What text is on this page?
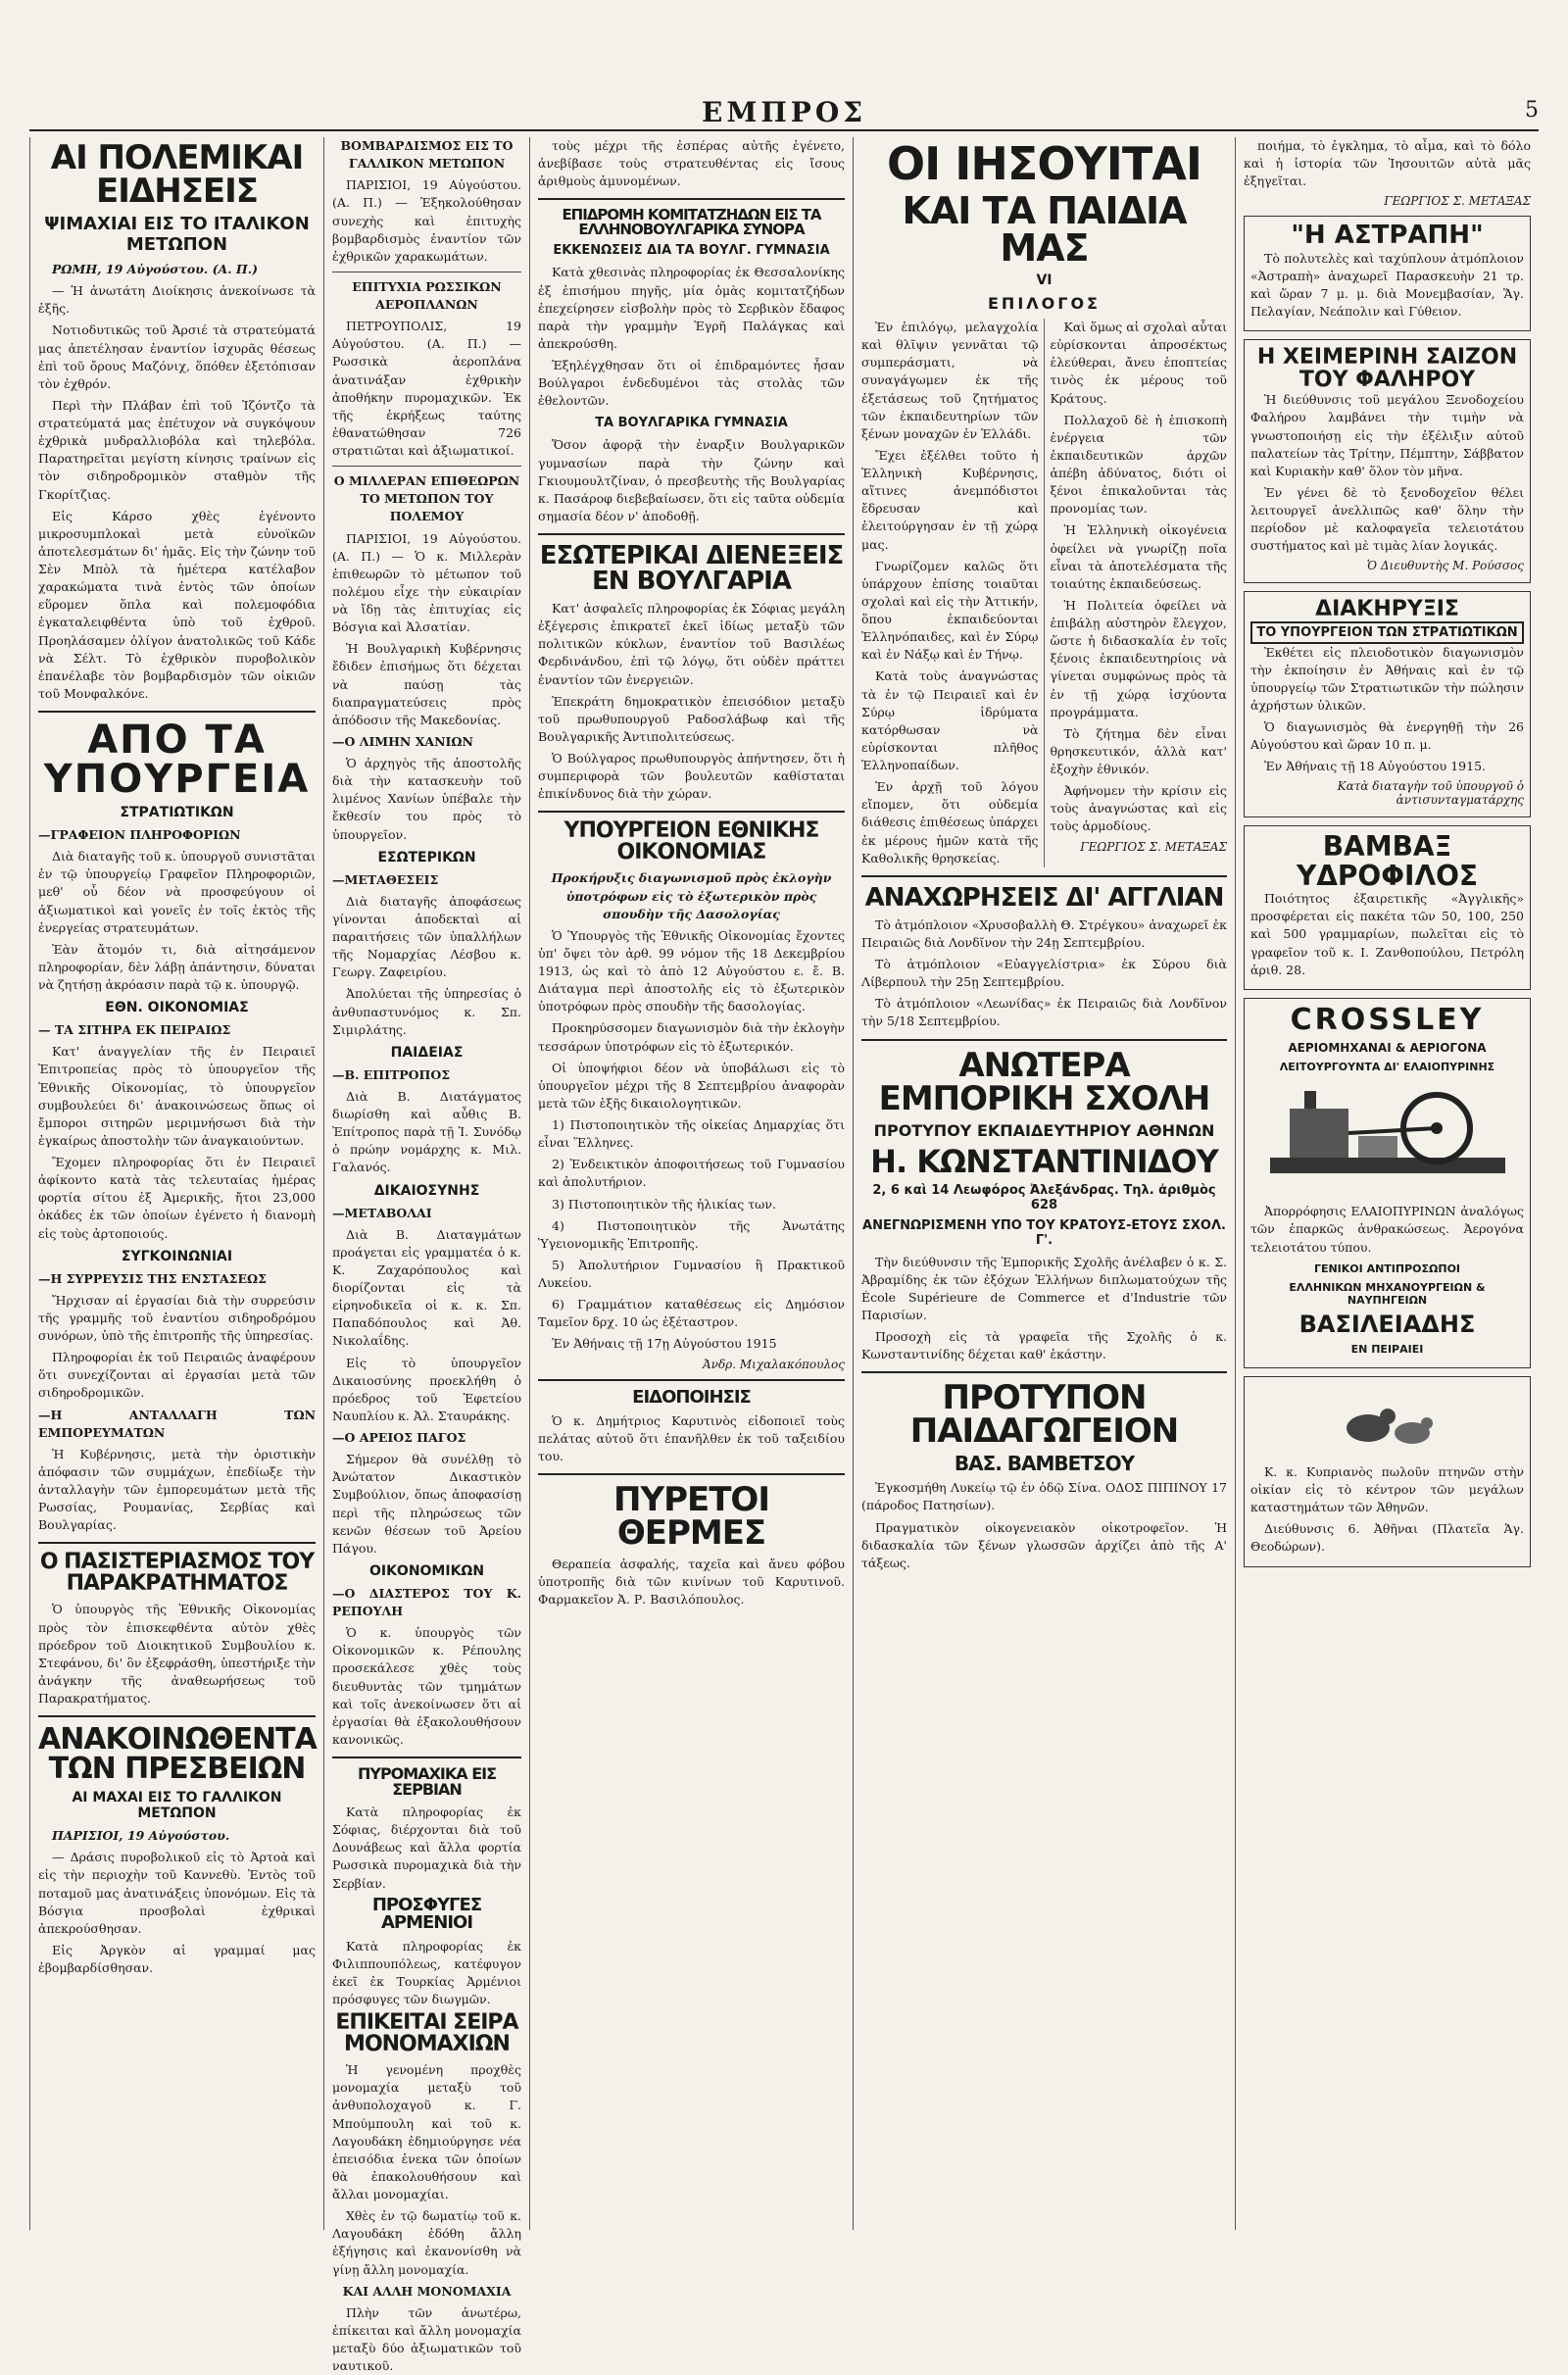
ΕΜΠΡΟΣ	5
ΑΙ ΠΟΛΕΜΙΚΑΙ ΕΙΔΗΣΕΙΣ
ΨΙΜΑΧΙΑΙ ΕΙΣ ΤΟ ΙΤΑΛΙΚΟΝ ΜΕΤΩΠΟΝ

ΡΩΜΗ, 19 Αὐγούστου. (Α. Π.)

— Ἡ ἀνωτάτη Διοίκησις ἀνεκοίνωσε τὰ ἑξῆς.

Νοτιοδυτικῶς τοῦ Ἀρσιέ τὰ στρατεύματά μας ἀπετέλησαν ἐναντίον ἰσχυρᾶς θέσεως ἐπὶ τοῦ ὄρους Μαζόνιχ, ὅπόθεν ἐξετόπισαν τὸν ἐχθρόν.

Περὶ τὴν Πλάβαν ἐπὶ τοῦ Ἰζόντζο τὰ στρατεύματά μας ἐπέτυχον νὰ συγκόψουν ἐχθρικὰ μυδραλλιοβόλα καὶ τηλεβόλα. Παρατηρεῖται μεγίστη κίνησις τραίνων εἰς τὸν σιδηροδρομικὸν σταθμὸν τῆς Γκορίτζιας.

Εἰς Κάρσο χθὲς ἐγένοντο μικροσυμπλοκαὶ μετὰ εὐνοϊκῶν ἀποτελεσμάτων δι' ἡμᾶς. Εἰς τὴν ζώνην τοῦ Σὲν Μπὸλ τὰ ἡμέτερα κατέλαβον χαρακώματα τινὰ ἐντὸς τῶν ὁποίων εὕρομεν ὅπλα καὶ πολεμοφόδια ἐγκαταλειφθέντα ὑπὸ τοῦ ἐχθροῦ. Προηλάσαμεν ὀλίγον ἀνατολικῶς τοῦ Κάδε νὰ Σέλτ. Τὸ ἐχθρικὸν πυροβολικὸν ἐπανέλαβε τὸν βομβαρδισμὸν τῶν οἰκιῶν τοῦ Μονφαλκόνε.

ΑΠΟ ΤΑ ΥΠΟΥΡΓΕΙΑ
ΣΤΡΑΤΙΩΤΙΚΩΝ

—ΓΡΑΦΕΙΟΝ ΠΛΗΡΟΦΟΡΙΩΝ

Διὰ διαταγῆς τοῦ κ. ὑπουργοῦ συνιστᾶται ἐν τῷ ὑπουργείῳ Γραφεῖον Πληροφοριῶν, μεθ' οὗ δέον νὰ προσφεύγουν οἱ ἀξιωματικοὶ καὶ γονεῖς ἐν τοῖς ἐκτὸς τῆς ἐνεργείας στρατευμάτων.

Ἐὰν ἄτομόν τι, διὰ αἰτησάμενον πληροφορίαν, δὲν λάβῃ ἀπάντησιν, δύναται νὰ ζητήσῃ ἀκρόασιν παρὰ τῷ κ. ὑπουργῷ.

ΕΘΝ. ΟΙΚΟΝΟΜΙΑΣ

— ΤΑ ΣΙΤΗΡΑ ΕΚ ΠΕΙΡΑΙΩΣ

Κατ' ἀναγγελίαν τῆς ἐν Πειραιεῖ Ἐπιτροπείας πρὸς τὸ ὑπουργεῖον τῆς Ἐθνικῆς Οἰκονομίας, τὸ ὑπουργεῖον συμβουλεύει δι' ἀνακοινώσεως ὅπως οἱ ἔμποροι σιτηρῶν μεριμνήσωσι διὰ τὴν ἐγκαίρως ἀποστολὴν τῶν ἀναγκαιούντων.

Ἔχομεν πληροφορίας ὅτι ἐν Πειραιεῖ ἀφίκοντο κατὰ τὰς τελευταίας ἡμέρας φορτία σίτου ἐξ Ἀμερικῆς, ἤτοι 23,000 ὀκάδες ἐκ τῶν ὁποίων ἐγένετο ἡ διανομὴ εἰς τοὺς ἀρτοποιούς.

ΣΥΓΚΟΙΝΩΝΙΑΙ

—Η ΣΥΡΡΕΥΣΙΣ ΤΗΣ ΕΝΣΤΑΣΕΩΣ

Ἤρχισαν αἱ ἐργασίαι διὰ τὴν συρρεύσιν τῆς γραμμῆς τοῦ ἐναντίου σιδηροδρόμου συνόρων, ὑπὸ τῆς ἐπιτροπῆς τῆς ὑπηρεσίας.

Πληροφορίαι ἐκ τοῦ Πειραιῶς ἀναφέρουν ὅτι συνεχίζονται αἱ ἐργασίαι μετὰ τῶν σιδηροδρομικῶν.

—Η ΑΝΤΑΛΛΑΓΗ ΤΩΝ ΕΜΠΟΡΕΥΜΑΤΩΝ

Ἡ Κυβέρνησις, μετὰ τὴν ὁριστικὴν ἀπόφασιν τῶν συμμάχων, ἐπεδίωξε τὴν ἀνταλλαγὴν τῶν ἐμπορευμάτων μετὰ τῆς Ρωσσίας, Ρουμανίας, Σερβίας καὶ Βουλγαρίας.

Ο ΠΑΣΙΣΤΕΡΙΑΣΜΟΣ ΤΟΥ ΠΑΡΑΚΡΑΤΗΜΑΤΟΣ

Ὁ ὑπουργὸς τῆς Ἐθνικῆς Οἰκονομίας πρὸς τὸν ἐπισκεφθέντα αὐτὸν χθὲς πρόεδρον τοῦ Διοικητικοῦ Συμβουλίου κ. Στεφάνου, δι' ὃν ἐξεφράσθη, ὑπεστήριξε τὴν ἀνάγκην τῆς ἀναθεωρήσεως τοῦ Παρακρατήματος.

ΑΝΑΚΟΙΝΩΘΕΝΤΑ ΤΩΝ ΠΡΕΣΒΕΙΩΝ
ΑΙ ΜΑΧΑΙ ΕΙΣ ΤΟ ΓΑΛΛΙΚΟΝ ΜΕΤΩΠΟΝ

ΠΑΡΙΣΙΟΙ, 19 Αὐγούστου.

— Δράσις πυροβολικοῦ εἰς τὸ Ἀρτοὰ καὶ εἰς τὴν περιοχὴν τοῦ Καννεθὺ. Ἐντὸς τοῦ ποταμοῦ μας ἀνατινάξεις ὑπονόμων. Εἰς τὰ Βόσγια προσβολαὶ ἐχθρικαὶ ἀπεκρούσθησαν.

Εἰς Ἀργκὸν αἱ γραμμαί μας ἐβομβαρδίσθησαν.

ΒΟΜΒΑΡΔΙΣΜΟΣ ΕΙΣ ΤΟ ΓΑΛΛΙΚΟΝ ΜΕΤΩΠΟΝ

ΠΑΡΙΣΙΟΙ, 19 Αὐγούστου. (Α. Π.) — Ἐξηκολούθησαν συνεχὴς καὶ ἐπιτυχὴς βομβαρδισμὸς ἐναντίον τῶν ἐχθρικῶν χαρακωμάτων.

ΕΠΙΤΥΧΙΑ ΡΩΣΣΙΚΩΝ ΑΕΡΟΠΛΑΝΩΝ

ΠΕΤΡΟΥΠΟΛΙΣ, 19 Αὐγούστου. (Α. Π.) — Ρωσσικὰ ἀεροπλάνα ἀνατινάξαν ἐχθρικὴν ἀποθήκην πυρομαχικῶν. Ἐκ τῆς ἐκρήξεως ταύτης ἐθανατώθησαν 726 στρατιῶται καὶ ἀξιωματικοί.

Ο ΜΙΛΛΕΡΑΝ ΕΠΙΘΕΩΡΩΝ ΤΟ ΜΕΤΩΠΟΝ ΤΟΥ ΠΟΛΕΜΟΥ

ΠΑΡΙΣΙΟΙ, 19 Αὐγούστου. (Α. Π.) — Ὁ κ. Μιλλερὰν ἐπιθεωρῶν τὸ μέτωπον τοῦ πολέμου εἶχε τὴν εὐκαιρίαν νὰ ἴδῃ τὰς ἐπιτυχίας εἰς Βόσγια καὶ Ἀλσατίαν.

Ἡ Βουλγαρικὴ Κυβέρνησις ἔδιδεν ἐπισήμως ὅτι δέχεται νὰ παύσῃ τὰς διαπραγματεύσεις πρὸς ἀπόδοσιν τῆς Μακεδονίας.

—Ο ΛΙΜΗΝ ΧΑΝΙΩΝ

Ὁ ἀρχηγὸς τῆς ἀποστολῆς διὰ τὴν κατασκευὴν τοῦ λιμένος Χανίων ὑπέβαλε τὴν ἔκθεσίν του πρὸς τὸ ὑπουργεῖον.

ΕΣΩΤΕΡΙΚΩΝ

—ΜΕΤΑΘΕΣΕΙΣ

Διὰ διαταγῆς ἀποφάσεως γίνονται ἀποδεκταὶ αἱ παραιτήσεις τῶν ὑπαλλήλων τῆς Νομαρχίας Λέσβου κ. Γεωργ. Ζαφειρίου.

Ἀπολύεται τῆς ὑπηρεσίας ὁ ἀνθυπαστυνόμος κ. Σπ. Σιμιρλάτης.

ΠΑΙΔΕΙΑΣ

—Β. ΕΠΙΤΡΟΠΟΣ

Διὰ Β. Διατάγματος διωρίσθη καὶ αὖθις Β. Ἐπίτροπος παρὰ τῇ Ἱ. Συνόδῳ ὁ πρώην νομάρχης κ. Μιλ. Γαλανός.

ΔΙΚΑΙΟΣΥΝΗΣ

—ΜΕΤΑΒΟΛΑΙ

Διὰ Β. Διαταγμάτων προάγεται εἰς γραμματέα ὁ κ. Κ. Ζαχαρόπουλος καὶ διορίζονται εἰς τὰ εἰρηνοδικεῖα οἱ κ. κ. Σπ. Παπαδόπουλος καὶ Ἀθ. Νικολαΐδης.

Εἰς τὸ ὑπουργεῖον Δικαιοσύνης προεκλήθη ὁ πρόεδρος τοῦ Ἐφετείου Ναυπλίου κ. Ἀλ. Σταυράκης.

—Ο ΑΡΕΙΟΣ ΠΑΓΟΣ

Σήμερον θὰ συνέλθῃ τὸ Ἀνώτατον Δικαστικὸν Συμβούλιον, ὅπως ἀποφασίσῃ περὶ τῆς πληρώσεως τῶν κενῶν θέσεων τοῦ Ἀρείου Πάγου.

ΟΙΚΟΝΟΜΙΚΩΝ

—Ο ΔΙΑΣΤΕΡΟΣ ΤΟΥ Κ. ΡΕΠΟΥΛΗ

Ὁ κ. ὑπουργὸς τῶν Οἰκονομικῶν κ. Ρέπουλης προσεκάλεσε χθὲς τοὺς διευθυντὰς τῶν τμημάτων καὶ τοῖς ἀνεκοίνωσεν ὅτι αἱ ἐργασίαι θὰ ἐξακολουθήσουν κανονικῶς.

ΠΥΡΟΜΑΧΙΚΑ ΕΙΣ ΣΕΡΒΙΑΝ

Κατὰ πληροφορίας ἐκ Σόφιας, διέρχονται διὰ τοῦ Δουνάβεως καὶ ἄλλα φορτία Ρωσσικὰ πυρομαχικὰ διὰ τὴν Σερβίαν.

ΠΡΟΣΦΥΓΕΣ ΑΡΜΕΝΙΟΙ

Κατὰ πληροφορίας ἐκ Φιλιππουπόλεως, κατέφυγον ἐκεῖ ἐκ Τουρκίας Ἀρμένιοι πρόσφυγες τῶν διωγμῶν.

ΕΠΙΚΕΙΤΑΙ ΣΕΙΡΑ ΜΟΝΟΜΑΧΙΩΝ

Ἡ γενομένη προχθὲς μονομαχία μεταξὺ τοῦ ἀνθυπολοχαγοῦ κ. Γ. Μπούμπουλη καὶ τοῦ κ. Λαγουδάκη ἐδημιούργησε νέα ἐπεισόδια ἐνεκα τῶν ὁποίων θὰ ἐπακολουθήσουν καὶ ἄλλαι μονομαχίαι.

Χθὲς ἐν τῷ δωματίῳ τοῦ κ. Λαγουδάκη ἐδόθη ἄλλη ἐξήγησις καὶ ἐκανονίσθη νὰ γίνῃ ἄλλη μονομαχία.

ΚΑΙ ΑΛΛΗ ΜΟΝΟΜΑΧΙΑ

Πλὴν τῶν ἀνωτέρω, ἐπίκειται καὶ ἄλλη μονομαχία μεταξὺ δύο ἀξιωματικῶν τοῦ ναυτικοῦ.

τοὺς μέχρι τῆς ἐσπέρας αὐτῆς ἐγένετο, ἀνεβίβασε τοὺς στρατευθέντας εἰς ἴσους ἀριθμοὺς ἀμυνομένων.

ΕΠΙΔΡΟΜΗ ΚΟΜΙΤΑΤΖΗΔΩΝ ΕΙΣ ΤΑ ΕΛΛΗΝΟΒΟΥΛΓΑΡΙΚΑ ΣΥΝΟΡΑ
ΕΚΚΕΝΩΣΕΙΣ ΔΙΑ ΤΑ ΒΟΥΛΓ. ΓΥΜΝΑΣΙΑ

Κατὰ χθεσινὰς πληροφορίας ἐκ Θεσσαλονίκης ἐξ ἐπισήμου πηγῆς, μία ὁμὰς κομιτατζήδων ἐπεχείρησεν εἰσβολὴν πρὸς τὸ Σερβικὸν ἔδαφος παρὰ τὴν γραμμὴν Ἐγρῆ Παλάγκας καὶ ἀπεκρούσθη.

Ἐξηλέγχθησαν ὅτι οἱ ἐπιδραμόντες ἦσαν Βούλγαροι ἐνδεδυμένοι τὰς στολὰς τῶν ἐθελοντῶν.

ΤΑ ΒΟΥΛΓΑΡΙΚΑ ΓΥΜΝΑΣΙΑ

Ὅσον ἀφορᾷ τὴν ἐναρξιν Βουλγαρικῶν γυμνασίων παρὰ τὴν ζώνην καὶ Γκιουμουλτζίναν, ὁ πρεσβευτὴς τῆς Βουλγαρίας κ. Πασάροφ διεβεβαίωσεν, ὅτι εἰς ταῦτα οὐδεμία σημασία δέον ν' ἀποδοθῇ.

ΕΣΩΤΕΡΙΚΑΙ ΔΙΕΝΕΞΕΙΣ ΕΝ ΒΟΥΛΓΑΡΙΑ

Κατ' ἀσφαλεῖς πληροφορίας ἐκ Σόφιας μεγάλη ἐξέγερσις ἐπικρατεῖ ἐκεῖ ἰδίως μεταξὺ τῶν πολιτικῶν κύκλων, ἐναντίον τοῦ Βασιλέως Φερδινάνδου, ἐπὶ τῷ λόγῳ, ὅτι οὐδὲν πράττει ἐναντίον τῶν ἐνεργειῶν.

Ἐπεκράτη δημοκρατικὸν ἐπεισόδιον μεταξὺ τοῦ πρωθυπουργοῦ Ραδοσλάβωφ καὶ τῆς Βουλγαρικῆς Ἀντιπολιτεύσεως.

Ὁ Βούλγαρος πρωθυπουργὸς ἀπήντησεν, ὅτι ἡ συμπεριφορὰ τῶν βουλευτῶν καθίσταται ἐπικίνδυνος διὰ τὴν χώραν.

ΥΠΟΥΡΓΕΙΟΝ ΕΘΝΙΚΗΣ ΟΙΚΟΝΟΜΙΑΣ

Προκήρυξις διαγωνισμοῦ πρὸς ἐκλογὴν ὑποτρόφων εἰς τὸ ἐξωτερικὸν πρὸς σπουδὴν τῆς Δασολογίας

Ὁ Ὑπουργὸς τῆς Ἐθνικῆς Οἰκονομίας ἔχοντες ὑπ' ὄψει τὸν ἀρθ. 99 νόμον τῆς 18 Δεκεμβρίου 1913, ὡς καὶ τὸ ἀπὸ 12 Αὐγούστου ε. ἔ. Β. Διάταγμα περὶ ἀποστολῆς εἰς τὸ ἐξωτερικὸν ὑποτρόφων πρὸς σπουδὴν τῆς δασολογίας.

Προκηρύσσομεν διαγωνισμὸν διὰ τὴν ἐκλογὴν τεσσάρων ὑποτρόφων εἰς τὸ ἐξωτερικόν.

Οἱ ὑποψήφιοι δέον νὰ ὑποβάλωσι εἰς τὸ ὑπουργεῖον μέχρι τῆς 8 Σεπτεμβρίου ἀναφορὰν μετὰ τῶν ἑξῆς δικαιολογητικῶν.

1) Πιστοποιητικὸν τῆς οἰκείας Δημαρχίας ὅτι εἶναι Ἕλληνες.

2) Ἐνδεικτικὸν ἀποφοιτήσεως τοῦ Γυμνασίου καὶ ἀπολυτήριον.

3) Πιστοποιητικὸν τῆς ἡλικίας των.

4) Πιστοποιητικὸν τῆς Ἀνωτάτης Ὑγειονομικῆς Ἐπιτροπῆς.

5) Ἀπολυτήριον Γυμνασίου ἢ Πρακτικοῦ Λυκείου.

6) Γραμμάτιον καταθέσεως εἰς Δημόσιον Ταμεῖον δρχ. 10 ὡς ἐξέταστρον.

Ἐν Ἀθήναις τῇ 17ῃ Αὐγούστου 1915

Ἀνδρ. Μιχαλακόπουλος
ΕΙΔΟΠΟΙΗΣΙΣ

Ὁ κ. Δημήτριος Καρυτινὸς εἰδοποιεῖ τοὺς πελάτας αὐτοῦ ὅτι ἐπανῆλθεν ἐκ τοῦ ταξειδίου του.

ΠΥΡΕΤΟΙ ΘΕΡΜΕΣ

Θεραπεία ἀσφαλής, ταχεῖα καὶ ἄνευ φόβου ὑποτροπῆς διὰ τῶν κινίνων τοῦ Καρυτινοῦ. Φαρμακεῖον Ἀ. Ρ. Βασιλόπουλος.

ΟΙ ΙΗΣΟΥΙΤΑΙ
ΚΑΙ ΤΑ ΠΑΙΔΙΑ ΜΑΣ
VI
ΕΠΙΛΟΓΟΣ

Ἐν ἐπιλόγῳ, μελαγχολία καὶ θλῖψιν γεννᾶται τῷ συμπεράσματι, νὰ συναγάγωμεν ἐκ τῆς ἐξετάσεως τοῦ ζητήματος τῶν ἐκπαιδευτηρίων τῶν ξένων μοναχῶν ἐν Ἑλλάδι.

Ἔχει ἐξέλθει τοῦτο ἡ Ἑλληνικὴ Κυβέρνησις, αἵτινες ἀνεμπόδιστοι ἔδρευσαν καὶ ἐλειτούργησαν ἐν τῇ χώρᾳ μας.

Γνωρίζομεν καλῶς ὅτι ὑπάρχουν ἐπίσης τοιαῦται σχολαὶ καὶ εἰς τὴν Ἀττικήν, ὅπου ἐκπαιδεύονται Ἑλληνόπαιδες, καὶ ἐν Σύρῳ καὶ ἐν Νάξῳ καὶ ἐν Τήνῳ.

Κατὰ τοὺς ἀναγνώστας τὰ ἐν τῷ Πειραιεῖ καὶ ἐν Σύρῳ ἱδρύματα κατόρθωσαν νὰ εὑρίσκονται πλῆθος Ἑλληνοπαίδων.

Ἐν ἀρχῇ τοῦ λόγου εἴπομεν, ὅτι οὐδεμία διάθεσις ἐπιθέσεως ὑπάρχει ἐκ μέρους ἡμῶν κατὰ τῆς Καθολικῆς θρησκείας.

Καὶ ὅμως αἱ σχολαὶ αὗται εὑρίσκονται ἀπροσέκτως ἐλεύθεραι, ἄνευ ἐποπτείας τινὸς ἐκ μέρους τοῦ Κράτους.

Πολλαχοῦ δὲ ἡ ἐπισκοπὴ ἐνέργεια τῶν ἐκπαιδευτικῶν ἀρχῶν ἀπέβη ἀδύνατος, διότι οἱ ξένοι ἐπικαλοῦνται τὰς προνομίας των.

Ἡ Ἑλληνικὴ οἰκογένεια ὀφείλει νὰ γνωρίζῃ ποῖα εἶναι τὰ ἀποτελέσματα τῆς τοιαύτης ἐκπαιδεύσεως.

Ἡ Πολιτεία ὀφείλει νὰ ἐπιβάλῃ αὐστηρὸν ἔλεγχον, ὥστε ἡ διδασκαλία ἐν τοῖς ξένοις ἐκπαιδευτηρίοις νὰ γίνεται συμφώνως πρὸς τὰ ἐν τῇ χώρᾳ ἰσχύοντα προγράμματα.

Τὸ ζήτημα δὲν εἶναι θρησκευτικόν, ἀλλὰ κατ' ἐξοχὴν ἐθνικόν.

Ἀφήνομεν τὴν κρίσιν εἰς τοὺς ἀναγνώστας καὶ εἰς τοὺς ἁρμοδίους.

ΓΕΩΡΓΙΟΣ Σ. ΜΕΤΑΞΑΣ
ΑΝΑΧΩΡΗΣΕΙΣ ΔΙ' ΑΓΓΛΙΑΝ

Τὸ ἀτμόπλοιον «Χρυσοβαλλὴ Θ. Στρέγκου» ἀναχωρεῖ ἐκ Πειραιῶς διὰ Λονδῖνον τὴν 24ῃ Σεπτεμβρίου.

Τὸ ἀτμόπλοιον «Εὐαγγελίστρια» ἐκ Σύρου διὰ Λίβερπουλ τὴν 25ῃ Σεπτεμβρίου.

Τὸ ἀτμόπλοιον «Λεωνίδας» ἐκ Πειραιῶς διὰ Λονδῖνον τὴν 5/18 Σεπτεμβρίου.

ΑΝΩΤΕΡΑ ΕΜΠΟΡΙΚΗ ΣΧΟΛΗ
ΠΡΟΤΥΠΟΥ ΕΚΠΑΙΔΕΥΤΗΡΙΟΥ ΑΘΗΝΩΝ
Η. ΚΩΝΣΤΑΝΤΙΝΙΔΟΥ
2, 6 καὶ 14 Λεωφόρος Ἀλεξάνδρας. Τηλ. ἀριθμὸς 628
ΑΝΕΓΝΩΡΙΣΜΕΝΗ ΥΠΟ ΤΟΥ ΚΡΑΤΟΥΣ-ΕΤΟΥΣ ΣΧΟΛ. Γ'.

Τὴν διεύθυνσιν τῆς Ἐμπορικῆς Σχολῆς ἀνέλαβεν ὁ κ. Σ. Ἀβραμίδης ἐκ τῶν ἐξόχων Ἑλλήνων διπλωματούχων τῆς École Supérieure de Commerce et d'Industrie τῶν Παρισίων.

Προσοχὴ εἰς τὰ γραφεῖα τῆς Σχολῆς ὁ κ. Κωνσταντινίδης δέχεται καθ' ἑκάστην.

ΠΡΟΤΥΠΟΝ ΠΑΙΔΑΓΩΓΕΙΟΝ
ΒΑΣ. ΒΑΜΒΕΤΣΟΥ

Ἐγκοσμήθη Λυκείῳ τῷ ἐν ὁδῷ Σίνα. ΟΔΟΣ ΠΙΠΙΝΟΥ 17 (πάροδος Πατησίων).

Πραγματικὸν οἰκογενειακὸν οἰκοτροφεῖον. Ἡ διδασκαλία τῶν ξένων γλωσσῶν ἀρχίζει ἀπὸ τῆς Α' τάξεως.

ποιήμα, τὸ ἐγκλημα, τὸ αἶμα, καὶ τὸ δόλο καὶ ἡ ἱστορία τῶν Ἰησουιτῶν αὐτὰ μᾶς ἐξηγεῖται.

ΓΕΩΡΓΙΟΣ Σ. ΜΕΤΑΞΑΣ
"Η ΑΣΤΡΑΠΗ"

Τὸ πολυτελὲς καὶ ταχύπλουν ἀτμόπλοιον «Ἀστραπὴ» ἀναχωρεῖ Παρασκευὴν 21 τρ. καὶ ὥραν 7 μ. μ. διὰ Μονεμβασίαν, Ἅγ. Πελαγίαν, Νεάπολιν καὶ Γύθειον.

Η ΧΕΙΜΕΡΙΝΗ ΣΑΙΖΟΝ ΤΟΥ ΦΑΛΗΡΟΥ

Ἡ διεύθυνσις τοῦ μεγάλου Ξενοδοχείου Φαλήρου λαμβάνει τὴν τιμὴν νὰ γνωστοποιήσῃ εἰς τὴν ἐξέλιξιν αὐτοῦ παλατείων τὰς Τρίτην, Πέμπτην, Σάββατον καὶ Κυριακὴν καθ' ὅλον τὸν μῆνα.

Ἐν γένει δὲ τὸ ξενοδοχεῖον θέλει λειτουργεῖ ἀνελλιπῶς καθ' ὅλην τὴν περίοδον μὲ καλοφαγεῖα τελειοτάτου συστήματος καὶ μὲ τιμὰς λίαν λογικάς.

Ὁ Διευθυντὴς Μ. Ρούσσος
ΔΙΑΚΗΡΥΞΙΣ
ΤΟ ΥΠΟΥΡΓΕΙΟΝ ΤΩΝ ΣΤΡΑΤΙΩΤΙΚΩΝ

Ἐκθέτει εἰς πλειοδοτικὸν διαγωνισμὸν τὴν ἐκποίησιν ἐν Ἀθήναις καὶ ἐν τῷ ὑπουργείῳ τῶν Στρατιωτικῶν τὴν πώλησιν ἀχρήστων ὑλικῶν.

Ὁ διαγωνισμὸς θὰ ἐνεργηθῇ τὴν 26 Αὐγούστου καὶ ὥραν 10 π. μ.

Ἐν Ἀθήναις τῇ 18 Αὐγούστου 1915.

Κατὰ διαταγὴν τοῦ ὑπουργοῦ ὁ ἀντισυνταγματάρχης
ΒΑΜΒΑΞ ΥΔΡΟΦΙΛΟΣ

Ποιότητος ἐξαιρετικῆς «Ἀγγλικῆς» προσφέρεται εἰς πακέτα τῶν 50, 100, 250 καὶ 500 γραμμαρίων, πωλεῖται εἰς τὸ γραφεῖον τοῦ κ. Ι. Ζανθοπούλου, Πετρόλη ἀριθ. 28.

CROSSLEY
ΑΕΡΙΟΜΗΧΑΝΑΙ & ΑΕΡΙΟΓΟΝΑ
ΛΕΙΤΟΥΡΓΟΥΝΤΑ ΔΙ' ΕΛΑΙΟΠΥΡΙΝΗΣ

Ἀπορρόφησις ΕΛΑΙΟΠΥΡΙΝΩΝ ἀναλόγως τῶν ἐπαρκῶς ἀνθρακώσεως. Ἀερογόνα τελειοτάτου τύπου.

ΓΕΝΙΚΟΙ ΑΝΤΙΠΡΟΣΩΠΟΙ
ΕΛΛΗΝΙΚΩΝ ΜΗΧΑΝΟΥΡΓΕΙΩΝ & ΝΑΥΠΗΓΕΙΩΝ
ΒΑΣΙΛΕΙΑΔΗΣ
ΕΝ ΠΕΙΡΑΙΕΙ

Κ. κ. Κυπριανὸς πωλοῦν πτηνῶν στὴν οἰκίαν εἰς τὸ κέντρον τῶν μεγάλων καταστημάτων τῶν Ἀθηνῶν.

Διεύθυνσις 6. Ἀθῆναι (Πλατεῖα Ἁγ. Θεοδώρων).
